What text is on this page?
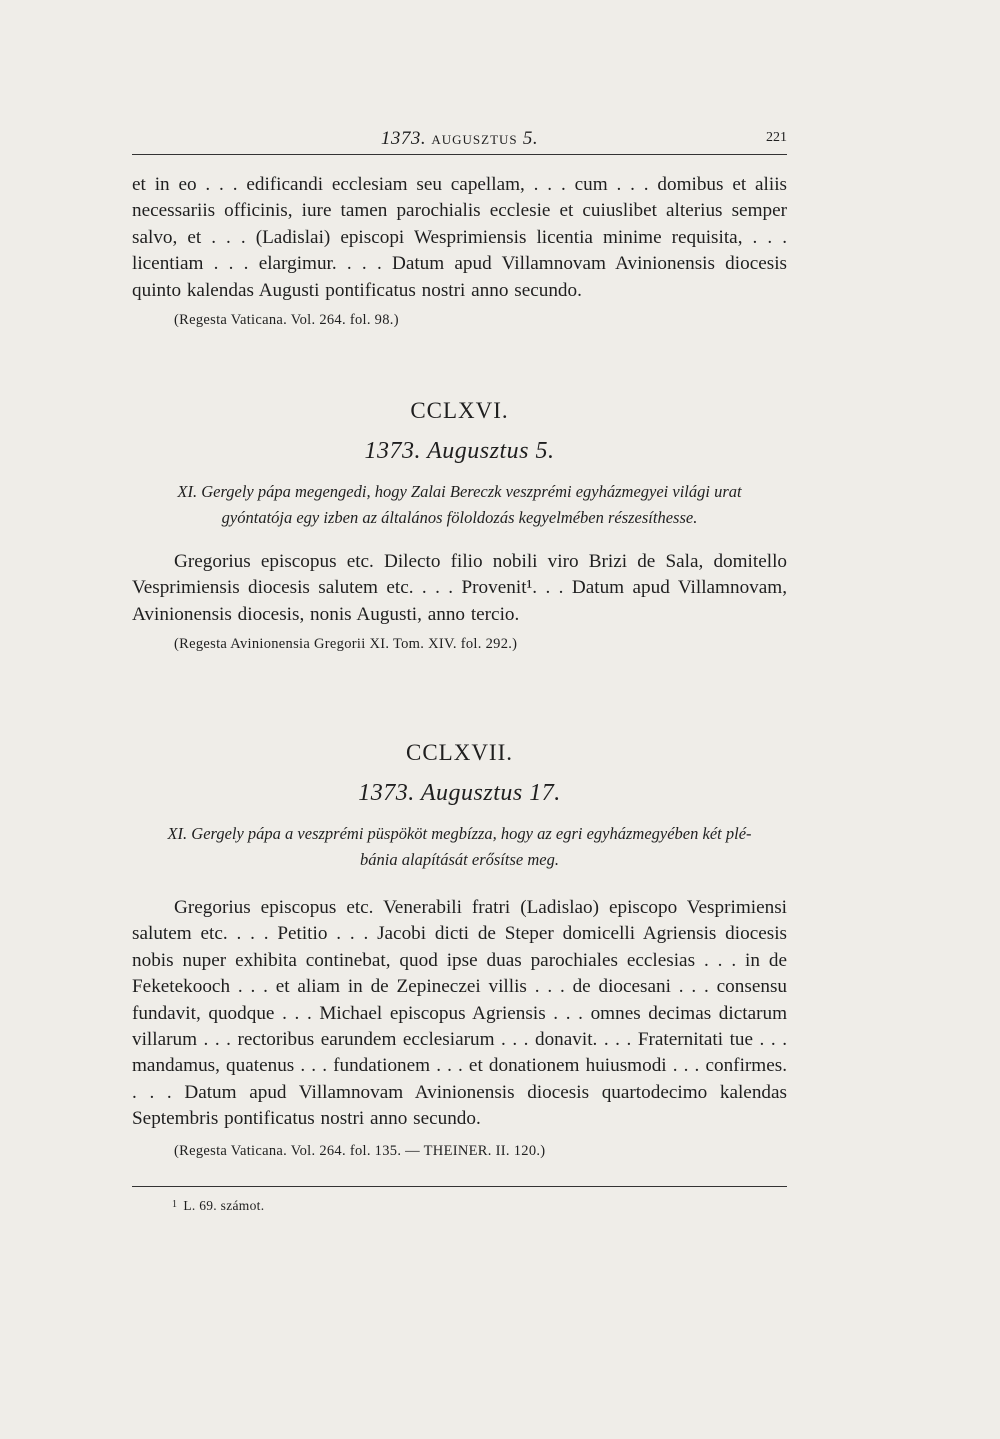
1373. AUGUSZTUS 5.	221

et in eo . . . edificandi ecclesiam seu capellam, . . . cum . . . domibus et aliis necessariis officinis, iure tamen parochialis ecclesie et cuiuslibet alterius semper salvo, et . . . (Ladislai) episcopi Wesprimiensis licentia minime requisita, . . . licentiam . . . elargimur. . . . Datum apud Villamnovam Avinionensis diocesis quinto kalendas Augusti pontificatus nostri anno secundo.

(Regesta Vaticana. Vol. 264. fol. 98.)

CCLXVI.

1373. Augusztus 5.

XI. Gergely pápa megengedi, hogy Zalai Bereczk veszprémi egyházmegyei világi urat

gyóntatója egy izben az általános föloldozás kegyelmében részesíthesse.

Gregorius episcopus etc. Dilecto filio nobili viro Brizi de Sala, domitello Vesprimiensis diocesis salutem etc. . . . Provenit¹. . . Datum apud Villamnovam, Avinionensis diocesis, nonis Augusti, anno tercio.

(Regesta Avinionensia Gregorii XI. Tom. XIV. fol. 292.)

CCLXVII.

1373. Augusztus 17.

XI. Gergely pápa a veszprémi püspököt megbízza, hogy az egri egyházmegyében két plé-

bánia alapítását erősítse meg.

Gregorius episcopus etc. Venerabili fratri (Ladislao) episcopo Vesprimiensi salutem etc. . . . Petitio . . . Jacobi dicti de Steper domicelli Agriensis diocesis nobis nuper exhibita continebat, quod ipse duas parochiales ecclesias . . . in de Feketekooch . . . et aliam in de Zepineczei villis . . . de diocesani . . . consensu fundavit, quodque . . . Michael episcopus Agriensis . . . omnes decimas dictarum villarum . . . rectoribus earundem ecclesiarum . . . donavit. . . . Fraternitati tue . . . mandamus, quatenus . . . fundationem . . . et donationem huiusmodi . . . confirmes. . . . Datum apud Villamnovam Avinionensis diocesis quartodecimo kalendas Septembris pontificatus nostri anno secundo.

(Regesta Vaticana. Vol. 264. fol. 135. — THEINER. II. 120.)

$^1$ L. 69. számot.
